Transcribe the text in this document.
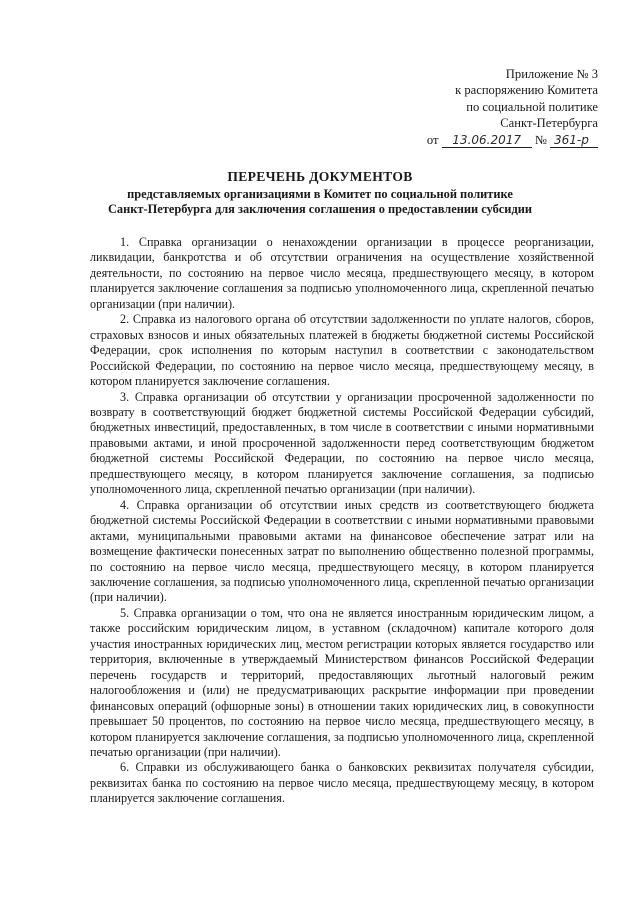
Приложение № 3
к распоряжению Комитета
по социальной политике
Санкт-Петербурга
от 13.06.2017 № 361-р
ПЕРЕЧЕНЬ ДОКУМЕНТОВ
представляемых организациями в Комитет по социальной политике
Санкт-Петербурга для заключения соглашения о предоставлении субсидии

1. Справка организации о ненахождении организации в процессе реорганизации, ликвидации, банкротства и об отсутствии ограничения на осуществление хозяйственной деятельности, по состоянию на первое число месяца, предшествующего месяцу, в котором планируется заключение соглашения за подписью уполномоченного лица, скрепленной печатью организации (при наличии).

2. Справка из налогового органа об отсутствии задолженности по уплате налогов, сборов, страховых взносов и иных обязательных платежей в бюджеты бюджетной системы Российской Федерации, срок исполнения по которым наступил в соответствии с законодательством Российской Федерации, по состоянию на первое число месяца, предшествующему месяцу, в котором планируется заключение соглашения.

3. Справка организации об отсутствии у организации просроченной задолженности по возврату в соответствующий бюджет бюджетной системы Российской Федерации субсидий, бюджетных инвестиций, предоставленных, в том числе в соответствии с иными нормативными правовыми актами, и иной просроченной задолженности перед соответствующим бюджетом бюджетной системы Российской Федерации, по состоянию на первое число месяца, предшествующего месяцу, в котором планируется заключение соглашения, за подписью уполномоченного лица, скрепленной печатью организации (при наличии).

4. Справка организации об отсутствии иных средств из соответствующего бюджета бюджетной системы Российской Федерации в соответствии с иными нормативными правовыми актами, муниципальными правовыми актами на финансовое обеспечение затрат или на возмещение фактически понесенных затрат по выполнению общественно полезной программы, по состоянию на первое число месяца, предшествующего месяцу, в котором планируется заключение соглашения, за подписью уполномоченного лица, скрепленной печатью организации (при наличии).

5. Справка организации о том, что она не является иностранным юридическим лицом, а также российским юридическим лицом, в уставном (складочном) капитале которого доля участия иностранных юридических лиц, местом регистрации которых является государство или территория, включенные в утверждаемый Министерством финансов Российской Федерации перечень государств и территорий, предоставляющих льготный налоговый режим налогообложения и (или) не предусматривающих раскрытие информации при проведении финансовых операций (офшорные зоны) в отношении таких юридических лиц, в совокупности превышает 50 процентов, по состоянию на первое число месяца, предшествующего месяцу, в котором планируется заключение соглашения, за подписью уполномоченного лица, скрепленной печатью организации (при наличии).

6. Справки из обслуживающего банка о банковских реквизитах получателя субсидии, реквизитах банка по состоянию на первое число месяца, предшествующему месяцу, в котором планируется заключение соглашения.
